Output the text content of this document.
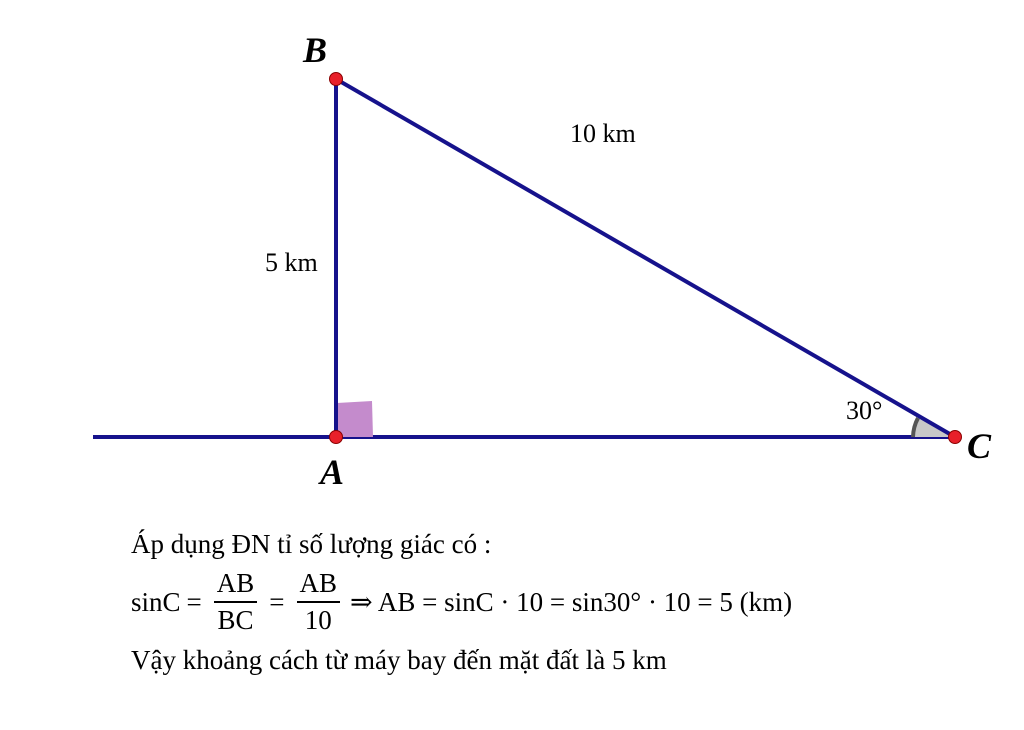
B
A
C
10 km
5 km
30°
Áp dụng ĐN tỉ số lượng giác có :
$\sin C = \frac{AB}{BC} = \frac{AB}{10}$ ⇒ AB = sinC · 10 = sin30° · 10 = 5 (km)
Vậy khoảng cách từ máy bay đến mặt đất là 5 km
